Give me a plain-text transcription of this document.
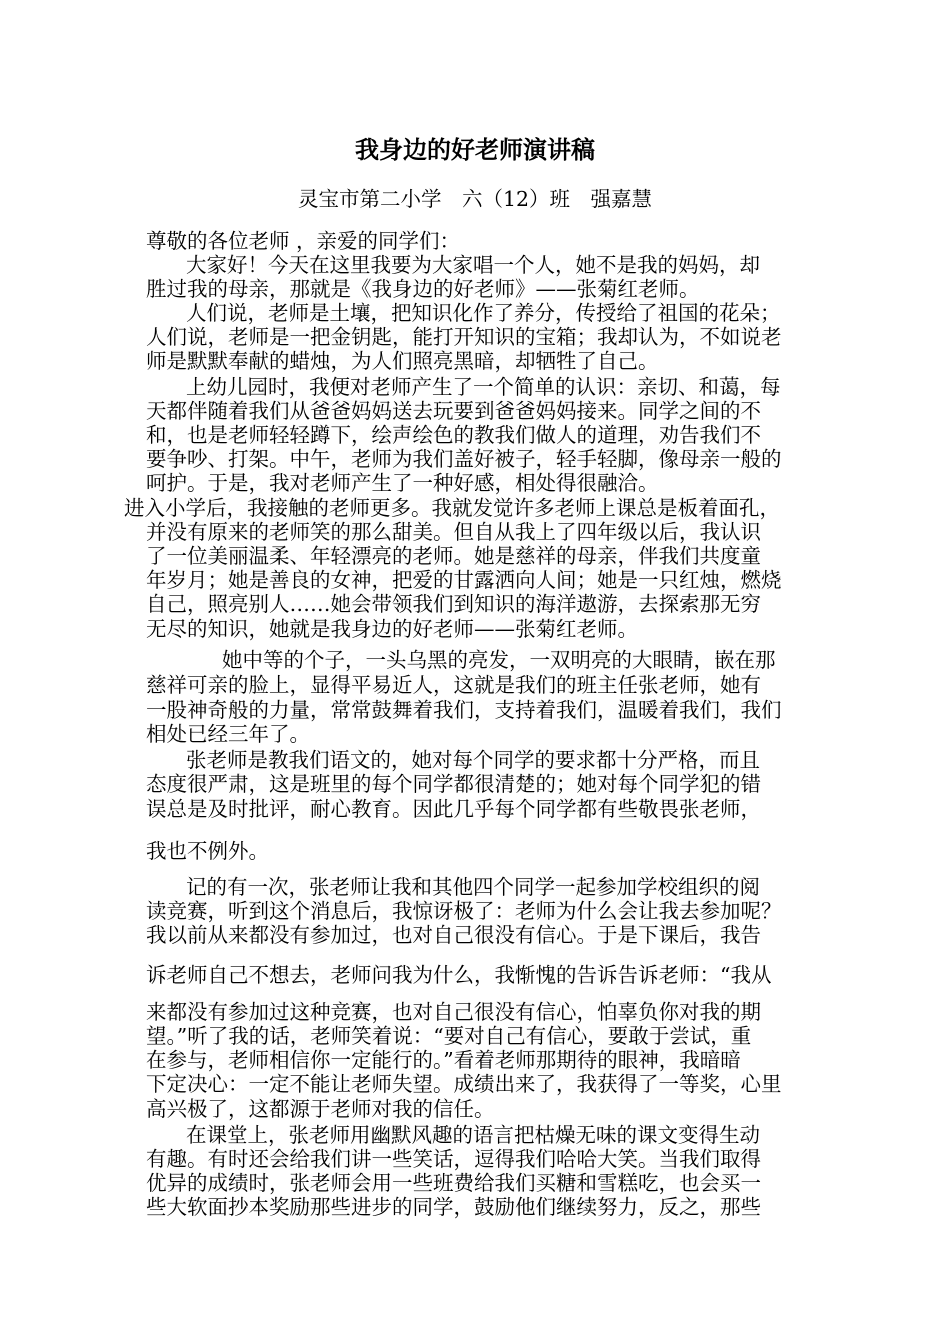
我身边的好老师演讲稿
灵宝市第二小学　六（12）班　强嘉慧
尊敬的各位老师 ，亲爱的同学们：
大家好！今天在这里我要为大家唱一个人，她不是我的妈妈，却
胜过我的母亲，那就是《我身边的好老师》——张菊红老师。
人们说，老师是土壤，把知识化作了养分，传授给了祖国的花朵；
人们说，老师是一把金钥匙，能打开知识的宝箱；我却认为，不如说老
师是默默奉献的蜡烛，为人们照亮黑暗，却牺牲了自己。
上幼儿园时，我便对老师产生了一个简单的认识：亲切、和蔼，每
天都伴随着我们从爸爸妈妈送去玩要到爸爸妈妈接来。同学之间的不
和，也是老师轻轻蹲下，绘声绘色的教我们做人的道理，劝告我们不
要争吵、打架。中午，老师为我们盖好被子，轻手轻脚，像母亲一般的
呵护。于是，我对老师产生了一种好感，相处得很融洽。
进入小学后，我接触的老师更多。我就发觉许多老师上课总是板着面孔，
并没有原来的老师笑的那么甜美。但自从我上了四年级以后，我认识
了一位美丽温柔、年轻漂亮的老师。她是慈祥的母亲，伴我们共度童
年岁月；她是善良的女神，把爱的甘露洒向人间；她是一只红烛，燃烧
自己，照亮别人……她会带领我们到知识的海洋遨游，去探索那无穷
无尽的知识，她就是我身边的好老师——张菊红老师。
她中等的个子，一头乌黑的亮发，一双明亮的大眼睛，嵌在那
慈祥可亲的脸上，显得平易近人，这就是我们的班主任张老师，她有
一股神奇般的力量，常常鼓舞着我们，支持着我们，温暖着我们，我们
相处已经三年了。
张老师是教我们语文的，她对每个同学的要求都十分严格，而且
态度很严肃，这是班里的每个同学都很清楚的；她对每个同学犯的错
误总是及时批评，耐心教育。因此几乎每个同学都有些敬畏张老师，
我也不例外。
记的有一次，张老师让我和其他四个同学一起参加学校组织的阅
读竞赛，听到这个消息后，我惊讶极了：老师为什么会让我去参加呢？
我以前从来都没有参加过，也对自己很没有信心。于是下课后，我告
诉老师自己不想去，老师问我为什么，我惭愧的告诉告诉老师：“我从
来都没有参加过这种竞赛，也对自己很没有信心，怕辜负你对我的期
望。”听了我的话，老师笑着说：“要对自己有信心，要敢于尝试，重
在参与，老师相信你一定能行的。”看着老师那期待的眼神，我暗暗
下定决心：一定不能让老师失望。成绩出来了，我获得了一等奖，心里
高兴极了，这都源于老师对我的信任。
在课堂上，张老师用幽默风趣的语言把枯燥无味的课文变得生动
有趣。有时还会给我们讲一些笑话，逗得我们哈哈大笑。当我们取得
优异的成绩时，张老师会用一些班费给我们买糖和雪糕吃，也会买一
些大软面抄本奖励那些进步的同学，鼓励他们继续努力，反之，那些
